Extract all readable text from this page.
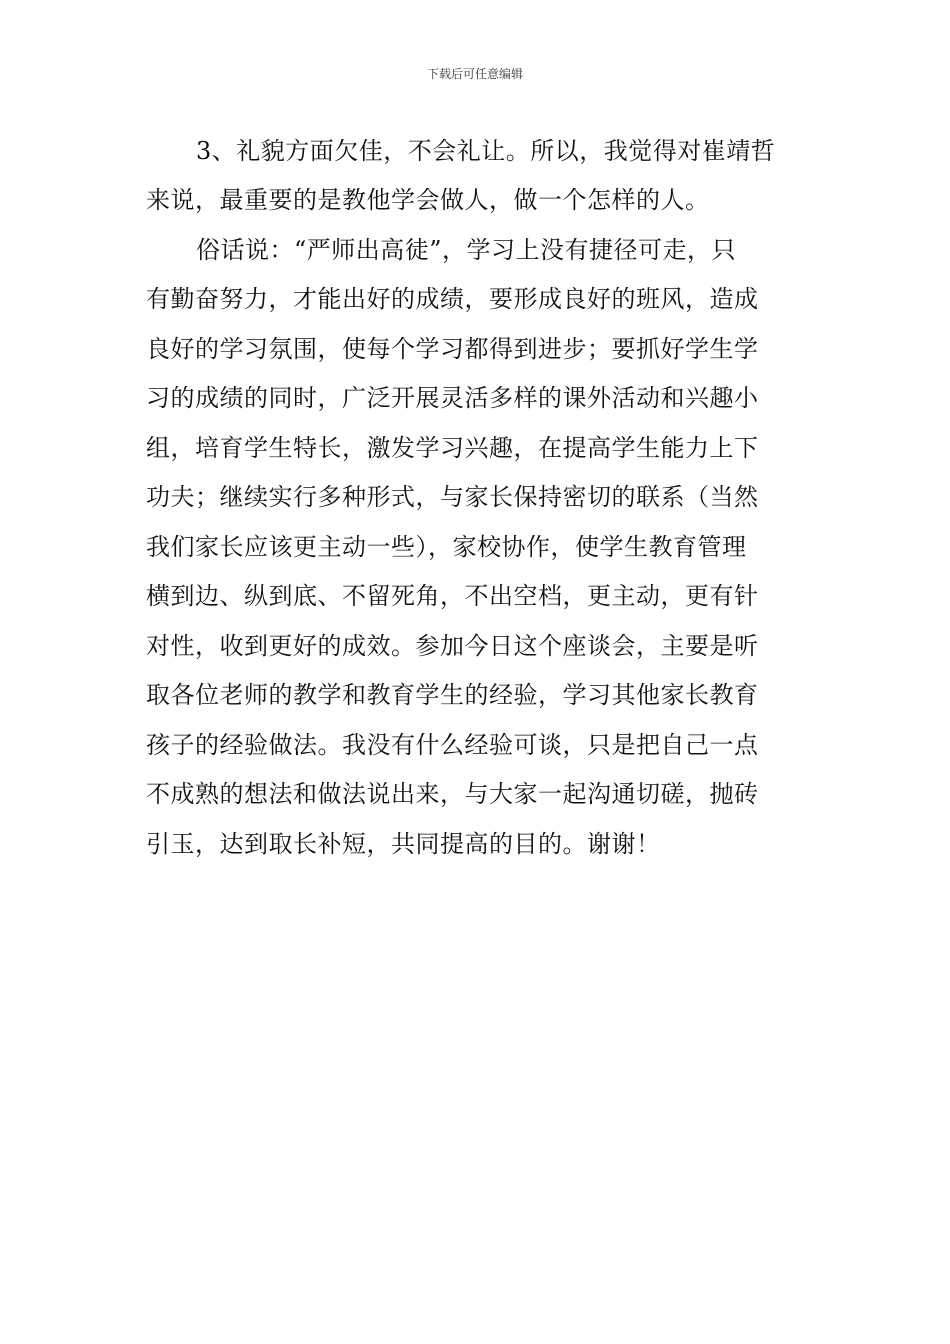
下载后可任意编辑
3、礼貌方面欠佳，不会礼让。所以，我觉得对崔靖哲
来说，最重要的是教他学会做人，做一个怎样的人。
俗话说：“严师出高徒”，学习上没有捷径可走，只
有勤奋努力，才能出好的成绩，要形成良好的班风，造成
良好的学习氛围，使每个学习都得到进步；要抓好学生学
习的成绩的同时，广泛开展灵活多样的课外活动和兴趣小
组，培育学生特长，激发学习兴趣，在提高学生能力上下
功夫；继续实行多种形式，与家长保持密切的联系（当然
我们家长应该更主动一些），家校协作，使学生教育管理
横到边、纵到底、不留死角，不出空档，更主动，更有针
对性，收到更好的成效。参加今日这个座谈会，主要是听
取各位老师的教学和教育学生的经验，学习其他家长教育
孩子的经验做法。我没有什么经验可谈，只是把自己一点
不成熟的想法和做法说出来，与大家一起沟通切磋，抛砖
引玉，达到取长补短，共同提高的目的。谢谢！
